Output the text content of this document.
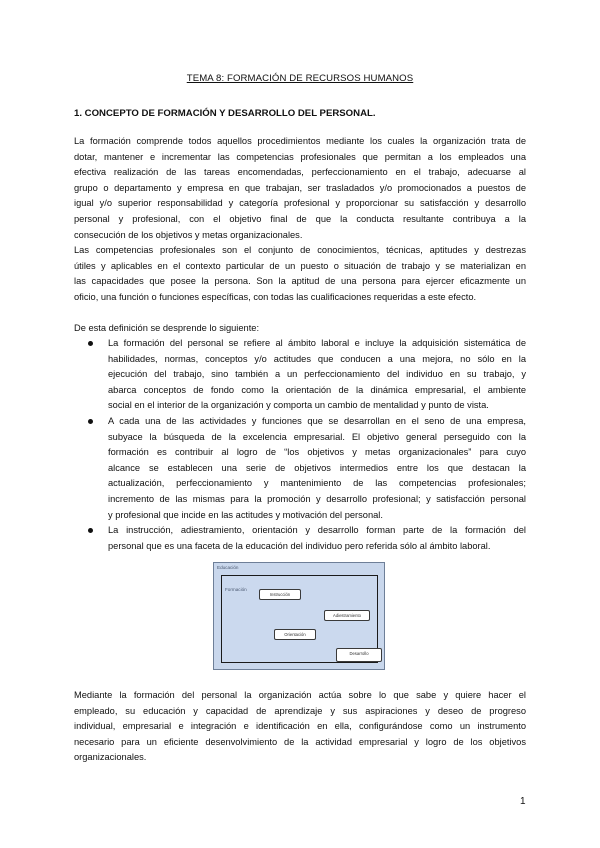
TEMA 8: FORMACIÓN DE RECURSOS HUMANOS
1. CONCEPTO DE FORMACIÓN Y DESARROLLO DEL PERSONAL.

La formación comprende todos aquellos procedimientos mediante los cuales la organización trata de
dotar, mantener e incrementar las competencias profesionales que permitan a los empleados una
efectiva realización de las tareas encomendadas, perfeccionamiento en el trabajo, adecuarse al
grupo o departamento y empresa en que trabajan, ser trasladados y/o promocionados a puestos de
igual y/o superior responsabilidad y categoría profesional y proporcionar su satisfacción y desarrollo
personal y profesional, con el objetivo final de que la conducta resultante contribuya a la
consecución de los objetivos y metas organizacionales.

Las competencias profesionales son el conjunto de conocimientos, técnicas, aptitudes y destrezas
útiles y aplicables en el contexto particular de un puesto o situación de trabajo y se materializan en
las capacidades que posee la persona. Son la aptitud de una persona para ejercer eficazmente un
oficio, una función o funciones específicas, con todas las cualificaciones requeridas a este efecto.

De esta definición se desprende lo siguiente:

La formación del personal se refiere al ámbito laboral e incluye la adquisición sistemática de
habilidades, normas, conceptos y/o actitudes que conducen a una mejora, no sólo en la
ejecución del trabajo, sino también a un perfeccionamiento del individuo en su trabajo, y
abarca conceptos de fondo como la orientación de la dinámica empresarial, el ambiente
social en el interior de la organización y comporta un cambio de mentalidad y punto de vista.
A cada una de las actividades y funciones que se desarrollan en el seno de una empresa,
subyace la búsqueda de la excelencia empresarial. El objetivo general perseguido con la
formación es contribuir al logro de “los objetivos y metas organizacionales” para cuyo
alcance se establecen una serie de objetivos intermedios entre los que destacan la
actualización, perfeccionamiento y mantenimiento de las competencias profesionales;
incremento de las mismas para la promoción y desarrollo profesional; y satisfacción personal
y profesional que incide en las actitudes y motivación del personal.
La instrucción, adiestramiento, orientación y desarrollo forman parte de la formación del
personal que es una faceta de la educación del individuo pero referida sólo al ámbito laboral.
Educación
Formación
Instrucción
Adiestramiento
Orientación
Desarrollo

Mediante la formación del personal la organización actúa sobre lo que sabe y quiere hacer el
empleado, su educación y capacidad de aprendizaje y sus aspiraciones y deseo de progreso
individual, empresarial e integración e identificación en ella, configurándose como un instrumento
necesario para un eficiente desenvolvimiento de la actividad empresarial y logro de los objetivos
organizacionales.

1
